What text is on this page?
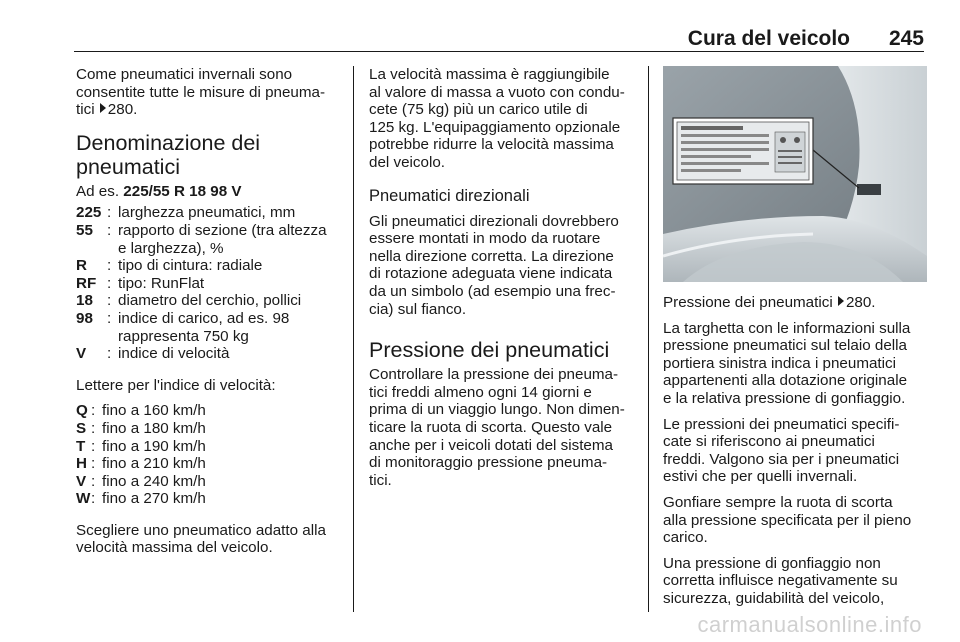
Cura del veicolo 245

Come pneumatici invernali sono
consentite tutte le misure di pneuma-
tici 280.

Denominazione dei
pneumatici

Ad es. 225/55 R 18 98 V

225 : larghezza pneumatici, mm
55 : rapporto di sezione (tra altezza
e larghezza), %
R	: tipo di cintura: radiale
RF : tipo: RunFlat
18 : diametro del cerchio, pollici
98 : indice di carico, ad es. 98
rappresenta 750 kg
V	: indice di velocità

Lettere per l'indice di velocità:

Q : fino a 160 km/h
S : fino a 180 km/h
T : fino a 190 km/h
H : fino a 210 km/h
V : fino a 240 km/h
W : fino a 270 km/h

Scegliere uno pneumatico adatto alla
velocità massima del veicolo.

La velocità massima è raggiungibile
al valore di massa a vuoto con condu-
cete (75 kg) più un carico utile di
125 kg. L'equipaggiamento opzionale
potrebbe ridurre la velocità massima
del veicolo.

Pneumatici direzionali

Gli pneumatici direzionali dovrebbero
essere montati in modo da ruotare
nella direzione corretta. La direzione
di rotazione adeguata viene indicata
da un simbolo (ad esempio una frec-
cia) sul fianco.

Pressione dei pneumatici

Controllare la pressione dei pneuma-
tici freddi almeno ogni 14 giorni e
prima di un viaggio lungo. Non dimen-
ticare la ruota di scorta. Questo vale
anche per i veicoli dotati del sistema
di monitoraggio pressione pneuma-
tici.

Pressione dei pneumatici 280.

La targhetta con le informazioni sulla
pressione pneumatici sul telaio della
portiera sinistra indica i pneumatici
appartenenti alla dotazione originale
e la relativa pressione di gonfiaggio.

Le pressioni dei pneumatici specifi-
cate si riferiscono ai pneumatici
freddi. Valgono sia per i pneumatici
estivi che per quelli invernali.

Gonfiare sempre la ruota di scorta
alla pressione specificata per il pieno
carico.

Una pressione di gonfiaggio non
corretta influisce negativamente su
sicurezza, guidabilità del veicolo,

carmanualsonline.info
